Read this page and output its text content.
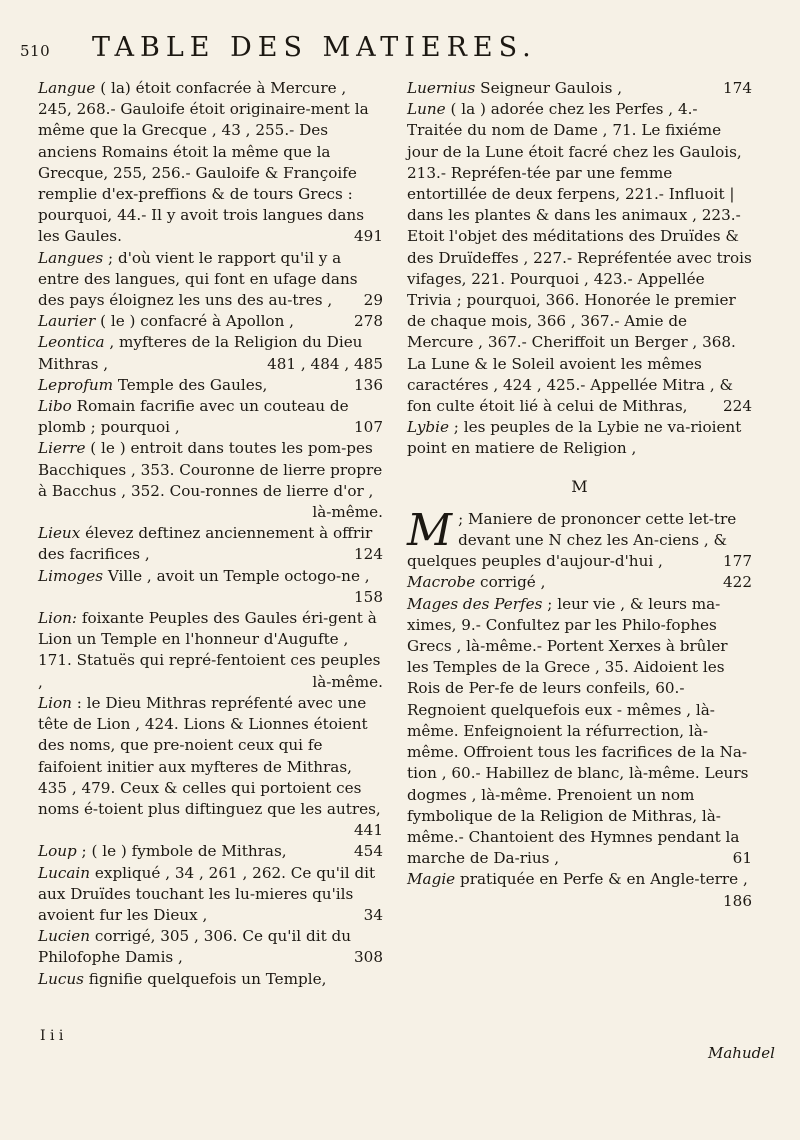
510 TABLE DES MATIERES.

Langue ( la) étoit confacrée à Mercure , 245, 268.- Gauloife étoit originaire-ment la même que la Grecque , 43 , 255.- Des anciens Romains étoit la même que la Grecque, 255, 256.- Gauloife & Françoife remplie d'ex-preffions & de tours Grecs : pourquoi, 44.- Il y avoit trois langues dans les Gaules.	491

Langues ; d'où vient le rapport qu'il y a entre des langues, qui font en ufage dans des pays éloignez les uns des au-tres , 29

Laurier ( le ) confacré à Apollon ,	278

Leontica , myfteres de la Religion du Dieu Mithras ,	481 , 484 , 485

Leprofum Temple des Gaules,	136

Libo Romain facrifie avec un couteau de plomb ; pourquoi ,	107

Lierre ( le ) entroit dans toutes les pom-pes Bacchiques , 353. Couronne de lierre propre à Bacchus , 352. Cou-ronnes de lierre d'or ,
là-même.

Lieux élevez deftinez anciennement à offrir des facrifices ,	124

Limoges Ville , avoit un Temple octogo-ne ,
158

Lion: foixante Peuples des Gaules éri-gent à Lion un Temple en l'honneur d'Augufte , 171. Statuës qui repré-fentoient ces peuples ,	là-même.

Lion : le Dieu Mithras repréfenté avec une tête de Lion , 424. Lions & Lionnes étoient des noms, que pre-noient ceux qui fe faifoient initier aux myfteres de Mithras, 435 , 479. Ceux & celles qui portoient ces noms é-toient plus diftinguez que les autres,
441

Loup ; ( le ) fymbole de Mithras,	454

Lucain expliqué , 34 , 261 , 262. Ce qu'il dit aux Druïdes touchant les lu-mieres qu'ils avoient fur les Dieux ,	34

Lucien corrigé, 305 , 306. Ce qu'il dit du Philofophe Damis ,	308

Lucus fignifie quelquefois un Temple,

Luernius Seigneur Gaulois ,	174

Lune ( la ) adorée chez les Perfes , 4.- Traitée du nom de Dame , 71. Le fixiéme jour de la Lune étoit facré chez les Gaulois, 213.- Repréfen-tée par une femme entortillée de deux ferpens, 221.- Influoit | dans les plantes & dans les animaux , 223.- Etoit l'objet des méditations des Druïdes & des Druïdeffes , 227.- Repréfentée avec trois vifages, 221. Pourquoi , 423.- Appellée Trivia ; pourquoi, 366. Honorée le premier de chaque mois, 366 , 367.- Amie de Mercure , 367.- Cheriffoit un Berger , 368. La Lune & le Soleil avoient les mêmes caractéres , 424 , 425.- Appellée Mitra , & fon culte étoit lié à celui de Mithras, 224

Lybie ; les peuples de la Lybie ne va-rioient point en matiere de Religion ,

M

M ; Maniere de prononcer cette let-tre devant une N chez les An-ciens , & quelques peuples d'aujour-d'hui ,	177

Macrobe corrigé ,	422

Mages des Perfes ; leur vie , & leurs ma-ximes, 9.- Confultez par les Philo-fophes Grecs , là-même.- Portent Xerxes à brûler les Temples de la Grece , 35. Aidoient les Rois de Per-fe de leurs confeils, 60.- Regnoient quelquefois eux - mêmes , là-même. Enfeignoient la réfurrection, là-même. Offroient tous les facrifices de la Na-tion , 60.- Habillez de blanc, là-même. Leurs dogmes , là-même. Prenoient un nom fymbolique de la Religion de Mithras, là-même.- Chantoient des Hymnes pendant la marche de Da-rius ,	61

Magie pratiquée en Perfe & en Angle-terre ,
186

I i i
Mahudel
